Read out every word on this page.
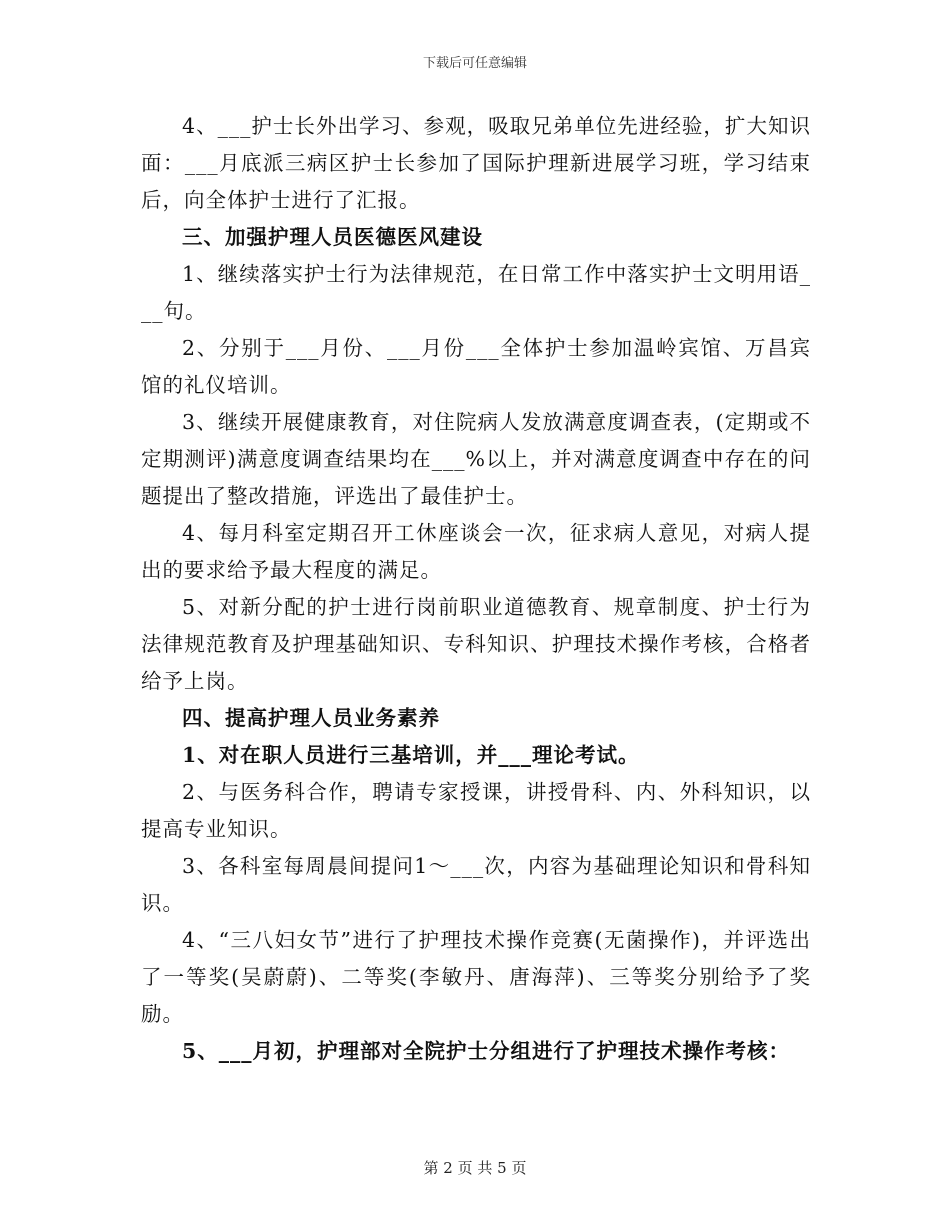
下载后可任意编辑

4、___护士长外出学习、参观，吸取兄弟单位先进经验，扩大知识面：___月底派三病区护士长参加了国际护理新进展学习班，学习结束后，向全体护士进行了汇报。

三、加强护理人员医德医风建设

1、继续落实护士行为法律规范，在日常工作中落实护士文明用语___句。

2、分别于___月份、___月份___全体护士参加温岭宾馆、万昌宾馆的礼仪培训。

3、继续开展健康教育，对住院病人发放满意度调查表，(定期或不定期测评)满意度调查结果均在___%以上，并对满意度调查中存在的问题提出了整改措施，评选出了最佳护士。

4、每月科室定期召开工休座谈会一次，征求病人意见，对病人提出的要求给予最大程度的满足。

5、对新分配的护士进行岗前职业道德教育、规章制度、护士行为法律规范教育及护理基础知识、专科知识、护理技术操作考核，合格者给予上岗。

四、提高护理人员业务素养

1、对在职人员进行三基培训，并___理论考试。

2、与医务科合作，聘请专家授课，讲授骨科、内、外科知识，以提高专业知识。

3、各科室每周晨间提问1～___次，内容为基础理论知识和骨科知识。

4、“三八妇女节”进行了护理技术操作竞赛(无菌操作)，并评选出了一等奖(吴蔚蔚)、二等奖(李敏丹、唐海萍)、三等奖分别给予了奖励。

5、___月初，护理部对全院护士分组进行了护理技术操作考核：

第 2 页 共 5 页
